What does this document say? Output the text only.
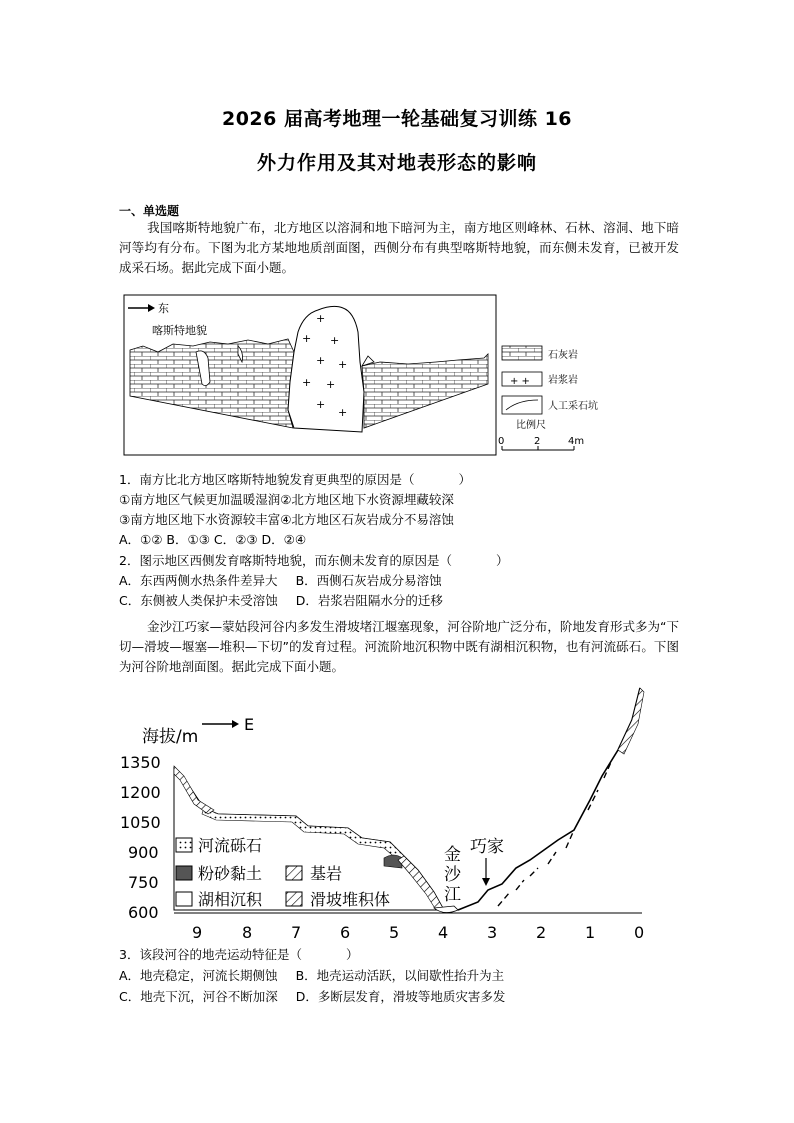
2026 届高考地理一轮基础复习训练 16
外力作用及其对地表形态的影响
一、单选题

我国喀斯特地貌广布，北方地区以溶洞和地下暗河为主，南方地区则峰林、石林、溶洞、地下暗河等均有分布。下图为北方某地地质剖面图，西侧分布有典型喀斯特地貌，而东侧未发育，已被开发成采石场。据此完成下面小题。

东
喀斯特地貌
+
+ +
+ +
+ +
+
+
石灰岩
+ + 岩浆岩
人工采石坑
比例尺
0	2	4m

1．南方比北方地区喀斯特地貌发育更典型的原因是（	）

①南方地区气候更加温暖湿润②北方地区地下水资源埋藏较深

③南方地区地下水资源较丰富④北方地区石灰岩成分不易溶蚀

A．①② B．①③ C．②③ D．②④

2．图示地区西侧发育喀斯特地貌，而东侧未发育的原因是（	）

A．东西两侧水热条件差异大 B．西侧石灰岩成分易溶蚀

C．东侧被人类保护未受溶蚀 D．岩浆岩阻隔水分的迁移

金沙江巧家—蒙姑段河谷内多发生滑坡堵江堰塞现象，河谷阶地广泛分布，阶地发育形式多为“下切—滑坡—堰塞—堆积—下切”的发育过程。河流阶地沉积物中既有湖相沉积物，也有河流砾石。下图为河谷阶地剖面图。据此完成下面小题。

海拔/m
E
1350
1200
1050
900
750
600
9 8 7 6 5 4 3 2 1 0
金
沙
江
巧家
河流砾石
粉砂黏土	基岩
湖相沉积	滑坡堆积体

3．该段河谷的地壳运动特征是（	）

A．地壳稳定，河流长期侧蚀 B．地壳运动活跃，以间歇性抬升为主

C．地壳下沉，河谷不断加深 D．多断层发育，滑坡等地质灾害多发
